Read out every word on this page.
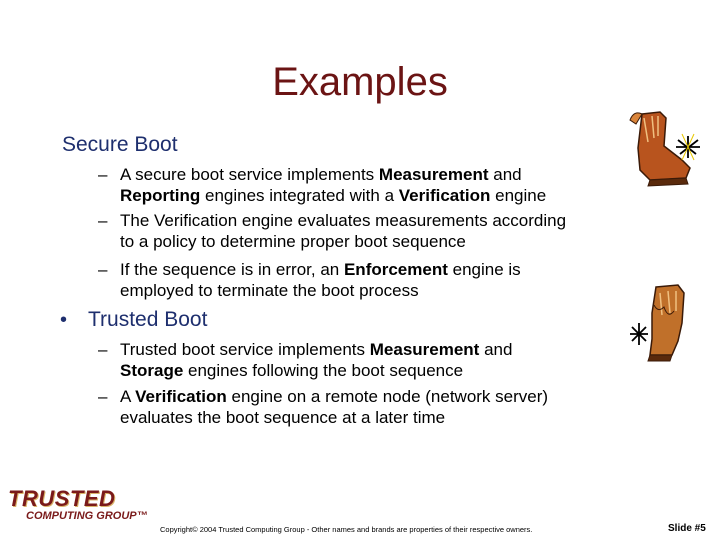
Examples
Secure Boot
– A secure boot service implements Measurement and
Reporting engines integrated with a Verification engine
– The Verification engine evaluates measurements according
to a policy to determine proper boot sequence
– If the sequence is in error, an Enforcement engine is
employed to terminate the boot process
• Trusted Boot
– Trusted boot service implements Measurement and
Storage engines following the boot sequence
– A Verification engine on a remote node (network server)
evaluates the boot sequence at a later time
TRUSTED
COMPUTING GROUP™
Copyright© 2004 Trusted Computing Group - Other names and brands are properties of their respective owners.	Slide #5
